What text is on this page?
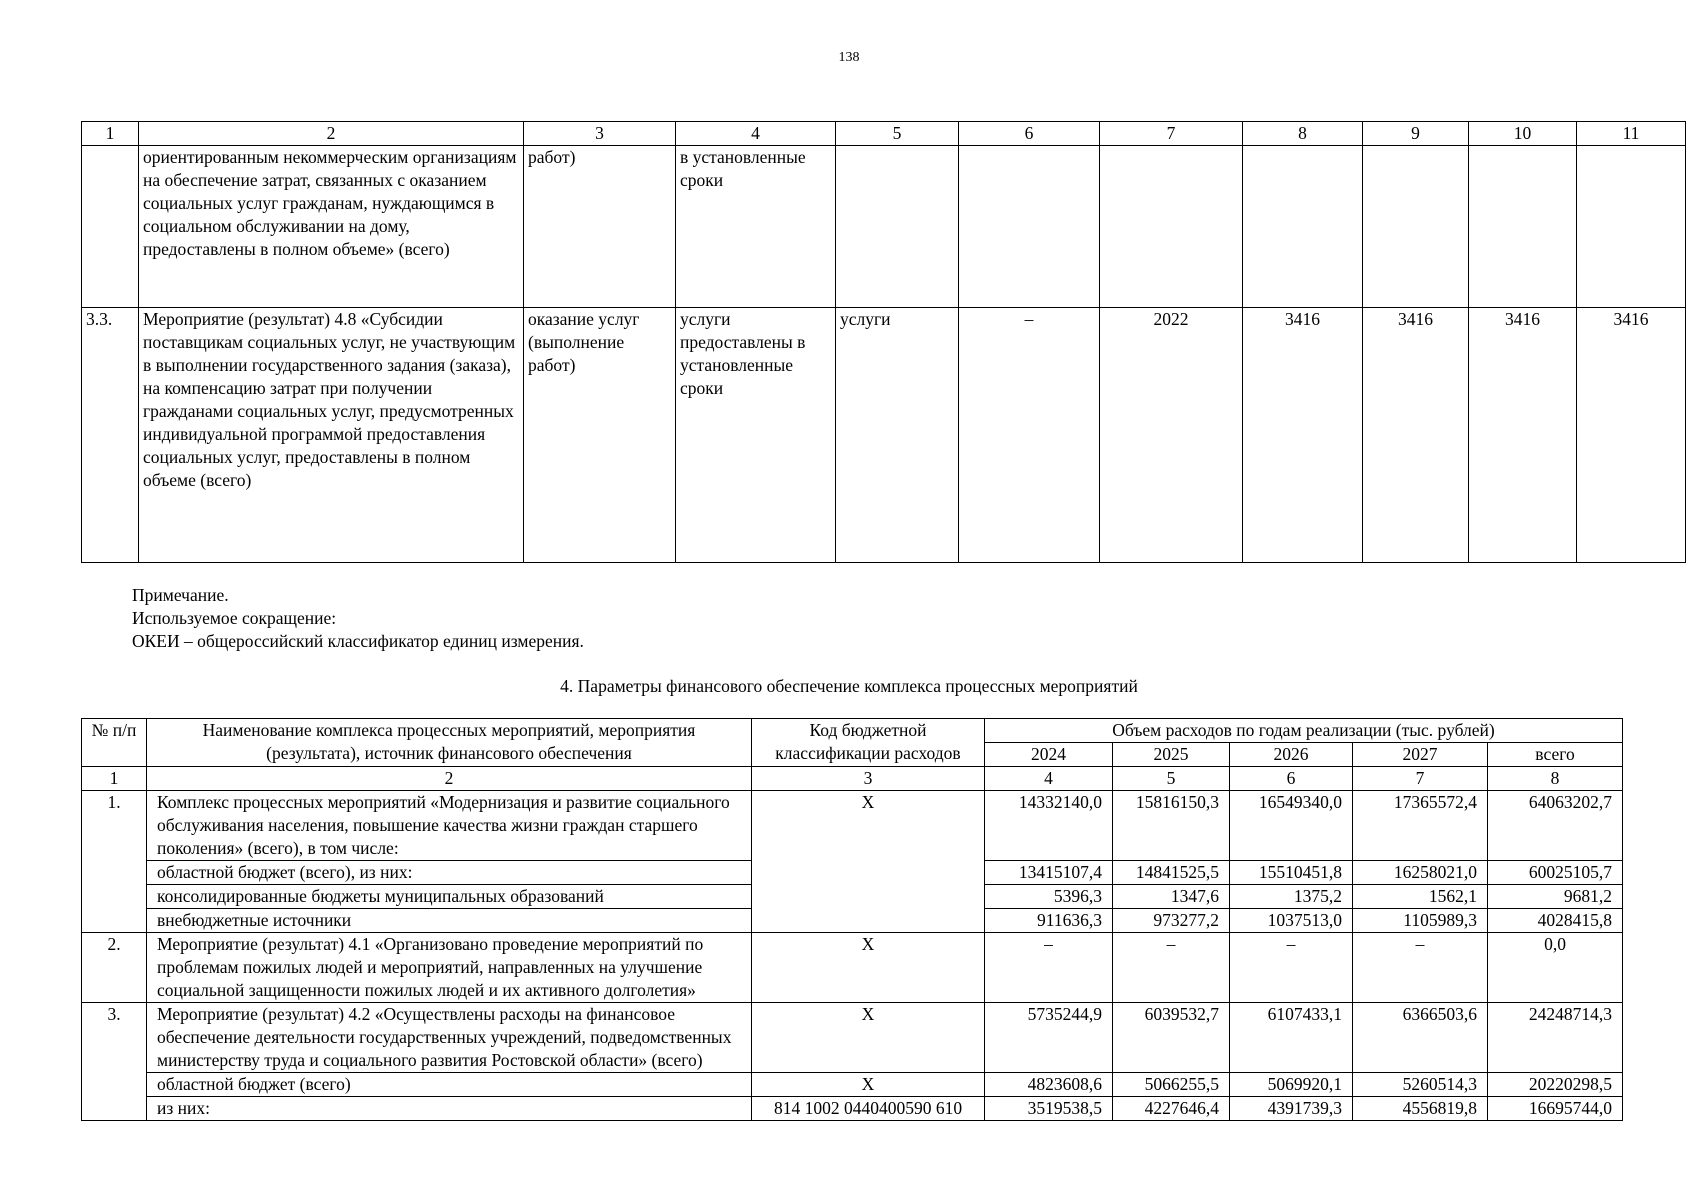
138
1	2	3	4	5	6	7	8	9	10	11
	ориентированным некоммерческим организациям на обеспечение затрат, связанных с оказанием социальных услуг гражданам, нуждающимся в социальном обслуживании на дому, предоставлены в полном объеме» (всего)	работ)	в установленные сроки							
3.3.	Мероприятие (результат) 4.8 «Субсидии поставщикам социальных услуг, не участвующим в выполнении государственного задания (заказа), на компенсацию затрат при получении гражданами социальных услуг, предусмотренных индивидуальной программой предоставления социальных услуг, предоставлены в полном объеме (всего)	оказание услуг (выполнение работ)	услуги предоставлены в установленные сроки	услуги	–	2022	3416	3416	3416	3416
Примечание.
Используемое сокращение:
ОКЕИ – общероссийский классификатор единиц измерения.
4. Параметры финансового обеспечение комплекса процессных мероприятий
№ п/п	Наименование комплекса процессных мероприятий, мероприятия (результата), источник финансового обеспечения	Код бюджетной классификации расходов	Объем расходов по годам реализации (тыс. рублей)				
			2024	2025	2026	2027	всего
1	2	3	4	5	6	7	8
1.	Комплекс процессных мероприятий «Модернизация и развитие социального обслуживания населения, повышение качества жизни граждан старшего поколения» (всего), в том числе:	Х	14332140,0	15816150,3	16549340,0	17365572,4	64063202,7
	областной бюджет (всего), из них:		13415107,4	14841525,5	15510451,8	16258021,0	60025105,7
	консолидированные бюджеты муниципальных образований		5396,3	1347,6	1375,2	1562,1	9681,2
	внебюджетные источники		911636,3	973277,2	1037513,0	1105989,3	4028415,8
2.	Мероприятие (результат) 4.1 «Организовано проведение мероприятий по проблемам пожилых людей и мероприятий, направленных на улучшение социальной защищенности пожилых людей и их активного долголетия»	Х	–	–	–	–	0,0
3.	Мероприятие (результат) 4.2 «Осуществлены расходы на финансовое обеспечение деятельности государственных учреждений, подведомственных министерству труда и социального развития Ростовской области» (всего)	Х	5735244,9	6039532,7	6107433,1	6366503,6	24248714,3
	областной бюджет (всего)	Х	4823608,6	5066255,5	5069920,1	5260514,3	20220298,5
	из них:	814 1002 0440400590 610	3519538,5	4227646,4	4391739,3	4556819,8	16695744,0
